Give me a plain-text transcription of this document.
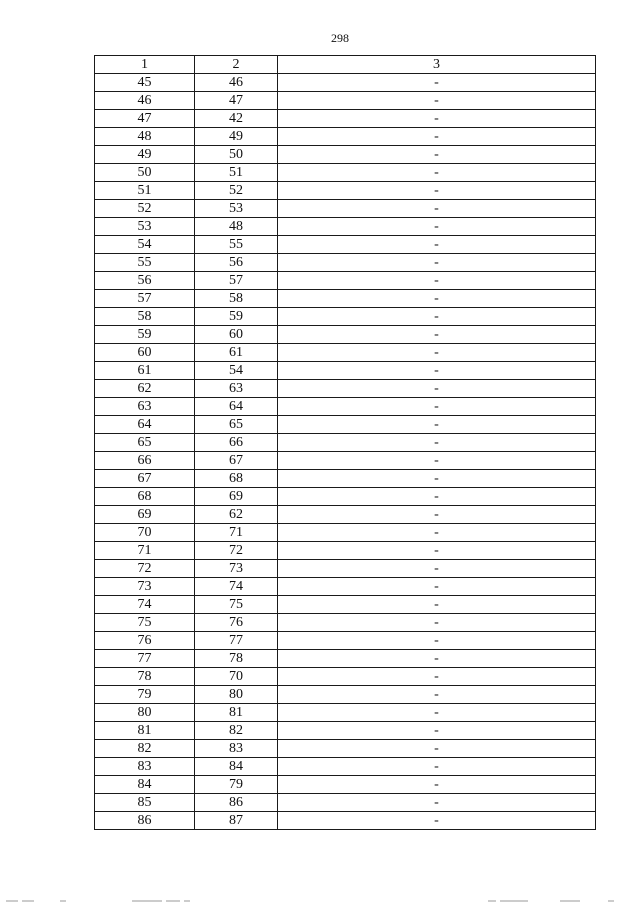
298
1	2	3
45	46	-
46	47	-
47	42	-
48	49	-
49	50	-
50	51	-
51	52	-
52	53	-
53	48	-
54	55	-
55	56	-
56	57	-
57	58	-
58	59	-
59	60	-
60	61	-
61	54	-
62	63	-
63	64	-
64	65	-
65	66	-
66	67	-
67	68	-
68	69	-
69	62	-
70	71	-
71	72	-
72	73	-
73	74	-
74	75	-
75	76	-
76	77	-
77	78	-
78	70	-
79	80	-
80	81	-
81	82	-
82	83	-
83	84	-
84	79	-
85	86	-
86	87	-
